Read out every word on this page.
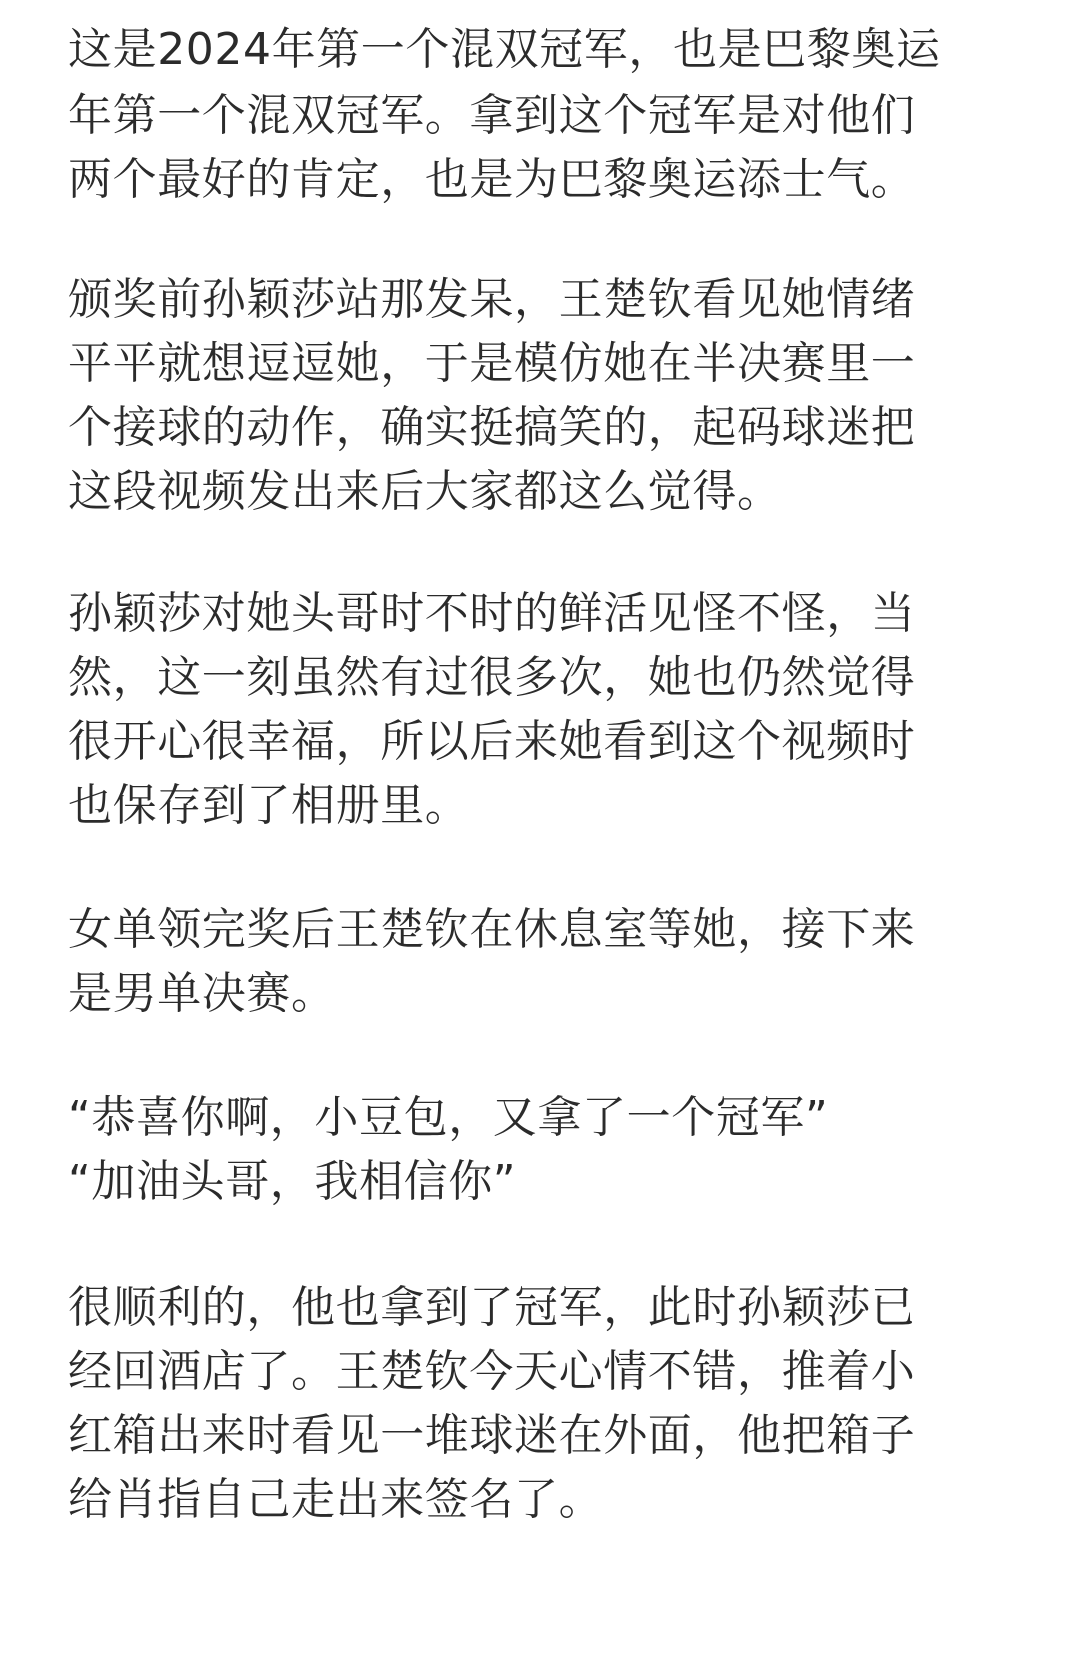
这是2024年第一个混双冠军，也是巴黎奥运
年第一个混双冠军。拿到这个冠军是对他们
两个最好的肯定，也是为巴黎奥运添士气。
颁奖前孙颖莎站那发呆，王楚钦看见她情绪
平平就想逗逗她，于是模仿她在半决赛里一
个接球的动作，确实挺搞笑的，起码球迷把
这段视频发出来后大家都这么觉得。
孙颖莎对她头哥时不时的鲜活见怪不怪，当
然，这一刻虽然有过很多次，她也仍然觉得
很开心很幸福，所以后来她看到这个视频时
也保存到了相册里。
女单领完奖后王楚钦在休息室等她，接下来
是男单决赛。
“恭喜你啊，小豆包，又拿了一个冠军”
“加油头哥，我相信你”
很顺利的，他也拿到了冠军，此时孙颖莎已
经回酒店了。王楚钦今天心情不错，推着小
红箱出来时看见一堆球迷在外面，他把箱子
给肖指自己走出来签名了。
